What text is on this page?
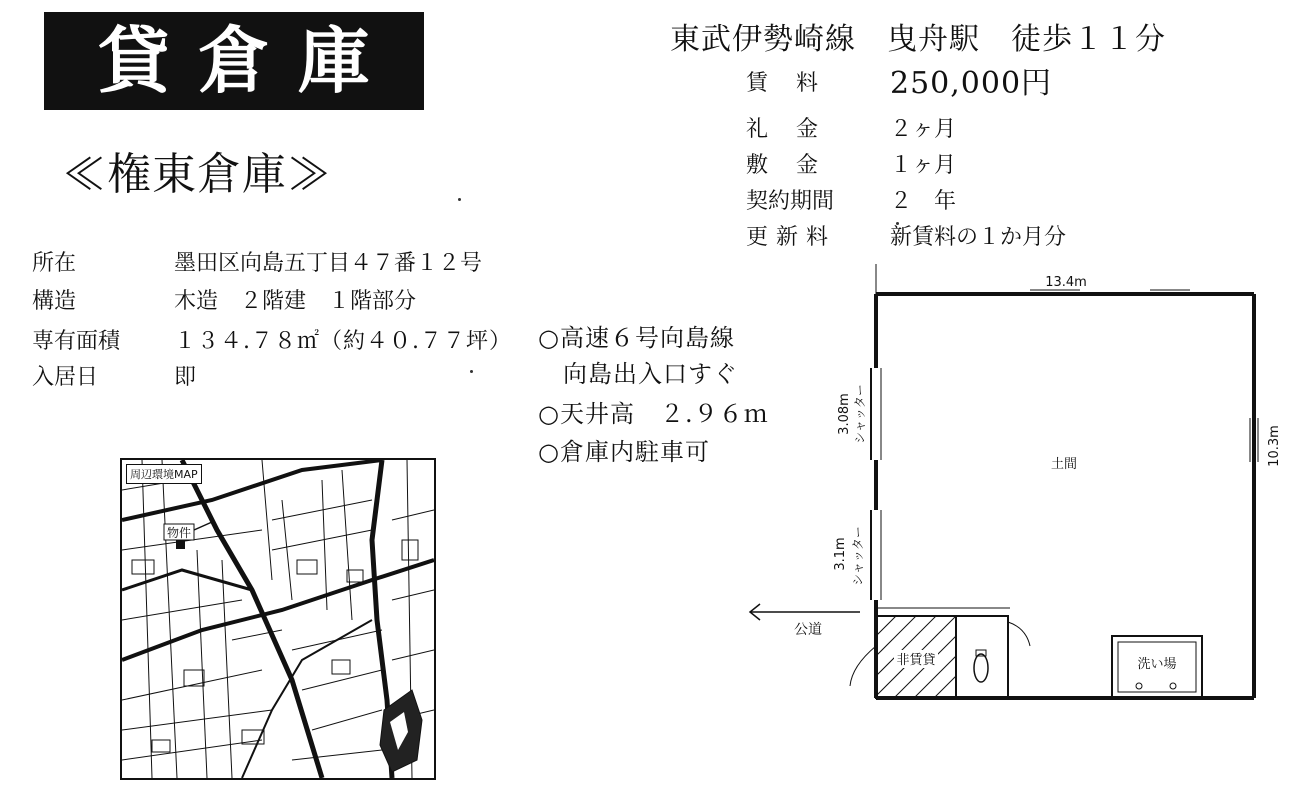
貸倉庫
≪権東倉庫≫
所在	墨田区向島五丁目４７番１２号
構造	木造　２階建　１階部分
専有面積 １３４.７８㎡（約４０.７７坪）
入居日	即
東武伊勢崎線　曳舟駅　徒歩１１分
賃料 250,000円
礼金 ２ヶ月
敷金 １ヶ月
契約期間	２　年
更新料 新賃料の１か月分
○高速６号向島線
　向島出入口すぐ
○天井高　２.９６ｍ
○倉庫内駐車可
物件
周辺環境MAP
13.4m
10.3m
3.08m シャッター
3.1m シャッター
土間
公道
非賃貸	洗い場
